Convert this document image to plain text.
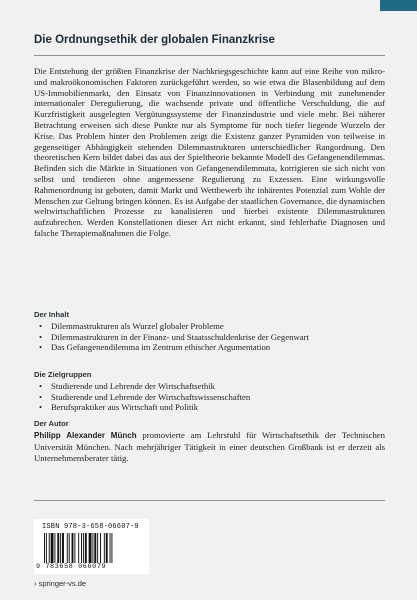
Die Ordnungsethik der globalen Finanzkrise

Die Entstehung der größten Finanzkrise der Nachkriegsgeschichte kann auf eine Reihe von mikro- und makroökonomischen Faktoren zurückgeführt werden, so wie etwa die Blasenbildung auf dem US-Immobilienmarkt, den Einsatz von Finanzinnovationen in Verbindung mit zunehmender internationaler Deregulierung, die wachsende private und öffentliche Verschuldung, die auf Kurzfristigkeit ausgelegten Vergütungssysteme der Finanzindustrie und viele mehr. Bei näherer Betrachtung erweisen sich diese Punkte nur als Symptome für noch tiefer liegende Wurzeln der Krise. Das Problem hinter den Problemen zeigt die Existenz ganzer Pyramiden von teilweise in gegenseitiger Abhängigkeit stehenden Dilemmastrukturen unterschiedlicher Rangordnung. Den theoretischen Kern bildet dabei das aus der Spieltheorie bekannte Modell des Gefangenendilemmas. Befinden sich die Märkte in Situationen von Gefangenendilemmata, korrigieren sie sich nicht von selbst und tendieren ohne angemessene Regulierung zu Exzessen. Eine wirkungsvolle Rahmenordnung ist geboten, damit Markt und Wettbewerb ihr inhärentes Potenzial zum Wohle der Menschen zur Geltung bringen können. Es ist Aufgabe der staatlichen Governance, die dynamischen weltwirtschaftlichen Prozesse zu kanalisieren und hierbei existente Dilemmastrukturen aufzubrechen. Werden Konstellationen dieser Art nicht erkannt, sind fehlerhafte Diagnosen und falsche Therapiemaßnahmen die Folge.

Der Inhalt
• Dilemmastrukturen als Wurzel globaler Probleme
• Dilemmastrukturen in der Finanz- und Staatsschuldenkrise der Gegenwart
• Das Gefangenendilemma im Zentrum ethischer Argumentation
Die Zielgruppen
• Studierende und Lehrende der Wirtschaftsethik
• Studierende und Lehrende der Wirtschaftswissenschaften
• Berufspraktiker aus Wirtschaft und Politik
Der Autor
Philipp Alexander Münch promovierte am Lehrstuhl für Wirtschaftsethik der Technischen Universität München. Nach mehrjähriger Tätigkeit in einer deutschen Großbank ist er derzeit als Unternehmensberater tätig.
ISBN 978-3-658-06607-9
9 783658 066079
› springer-vs.de
